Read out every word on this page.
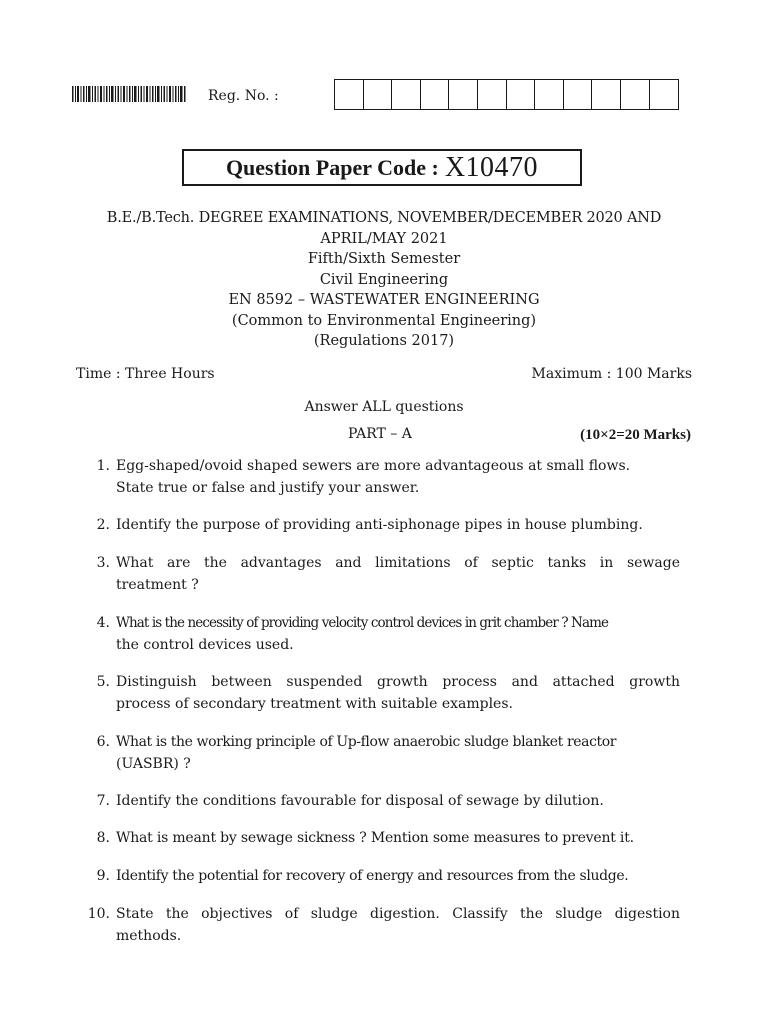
Reg. No. :
Question Paper Code : X10470
B.E./B.Tech. DEGREE EXAMINATIONS, NOVEMBER/DECEMBER 2020 AND
APRIL/MAY 2021
Fifth/Sixth Semester
Civil Engineering
EN 8592 – WASTEWATER ENGINEERING
(Common to Environmental Engineering)
(Regulations 2017)
Time : Three Hours	Maximum : 100 Marks
Answer ALL questions
PART – A	(10×2=20 Marks)
1. Egg-shaped/ovoid shaped sewers are more advantageous at small flows.
State true or false and justify your answer.
2. Identify the purpose of providing anti-siphonage pipes in house plumbing.
3. What are the advantages and limitations of septic tanks in sewage
treatment ?
4. What is the necessity of providing velocity control devices in grit chamber ? Name
the control devices used.
5. Distinguish between suspended growth process and attached growth
process of secondary treatment with suitable examples.
6. What is the working principle of Up-flow anaerobic sludge blanket reactor
(UASBR) ?
7. Identify the conditions favourable for disposal of sewage by dilution.
8. What is meant by sewage sickness ? Mention some measures to prevent it.
9. Identify the potential for recovery of energy and resources from the sludge.
10. State the objectives of sludge digestion. Classify the sludge digestion
methods.
